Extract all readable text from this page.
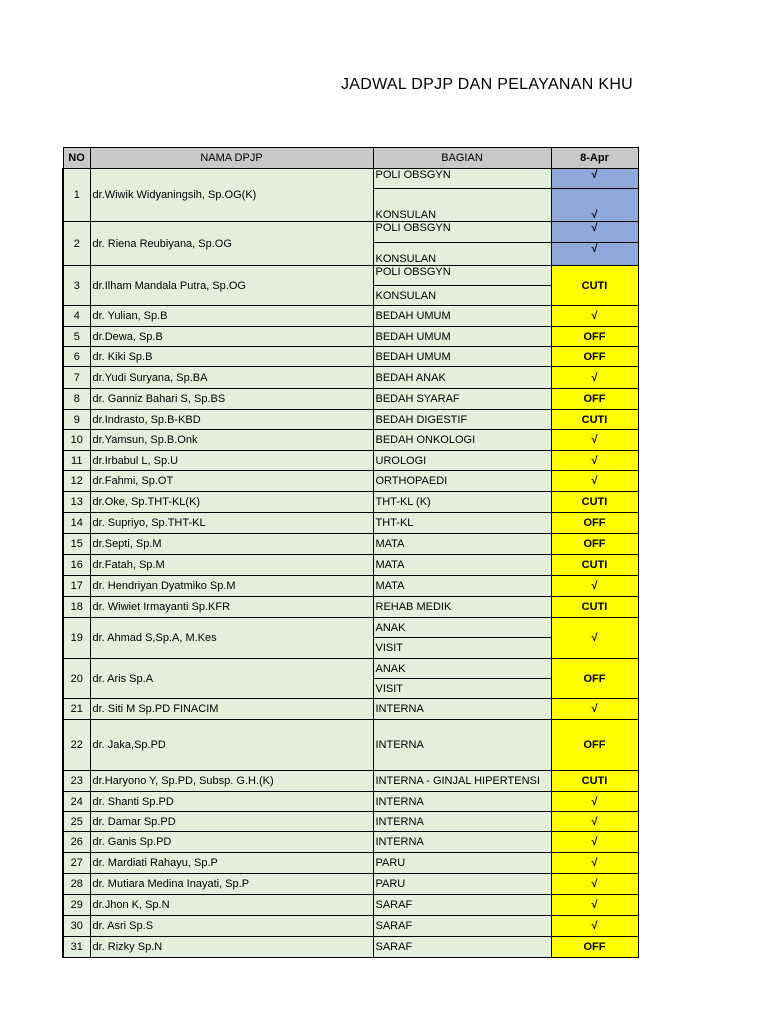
JADWAL DPJP DAN PELAYANAN KHU
NO	NAMA DPJP	BAGIAN	8-Apr
1	dr.Wiwik Widyaningsih, Sp.OG(K)	POLI OBSGYN	√
		KONSULAN	√
2	dr. Riena Reubiyana, Sp.OG	POLI OBSGYN	√
		KONSULAN	√
3	dr.Ilham Mandala Putra, Sp.OG	POLI OBSGYN	CUTI
		KONSULAN	
4	dr. Yulian, Sp.B	BEDAH UMUM	√
5	dr.Dewa, Sp.B	BEDAH UMUM	OFF
6	dr. Kiki Sp.B	BEDAH UMUM	OFF
7	dr.Yudi Suryana, Sp.BA	BEDAH ANAK	√
8	dr. Ganniz Bahari S, Sp.BS	BEDAH SYARAF	OFF
9	dr.Indrasto, Sp.B-KBD	BEDAH DIGESTIF	CUTI
10	dr.Yamsun, Sp.B.Onk	BEDAH ONKOLOGI	√
11	dr.Irbabul L, Sp.U	UROLOGI	√
12	dr.Fahmi, Sp.OT	ORTHOPAEDI	√
13	dr.Oke, Sp.THT-KL(K)	THT-KL (K)	CUTI
14	dr. Supriyo, Sp.THT-KL	THT-KL	OFF
15	dr.Septi, Sp.M	MATA	OFF
16	dr.Fatah, Sp.M	MATA	CUTI
17	dr. Hendriyan Dyatmiko Sp.M	MATA	√
18	dr. Wiwiet Irmayanti Sp.KFR	REHAB MEDIK	CUTI
19	dr. Ahmad S,Sp.A, M.Kes	ANAK	√
		VISIT	
20	dr. Aris Sp.A	ANAK	OFF
		VISIT	
21	dr. Siti M Sp.PD FINACIM	INTERNA	√
22	dr. Jaka,Sp.PD	INTERNA	OFF
23	dr.Haryono Y, Sp.PD, Subsp. G.H.(K)	INTERNA - GINJAL HIPERTENSI	CUTI
24	dr. Shanti Sp.PD	INTERNA	√
25	dr. Damar Sp.PD	INTERNA	√
26	dr. Ganis Sp.PD	INTERNA	√
27	dr. Mardiati Rahayu, Sp.P	PARU	√
28	dr. Mutiara Medina Inayati, Sp.P	PARU	√
29	dr.Jhon K, Sp.N	SARAF	√
30	dr. Asri Sp.S	SARAF	√
31	dr. Rizky Sp.N	SARAF	OFF
